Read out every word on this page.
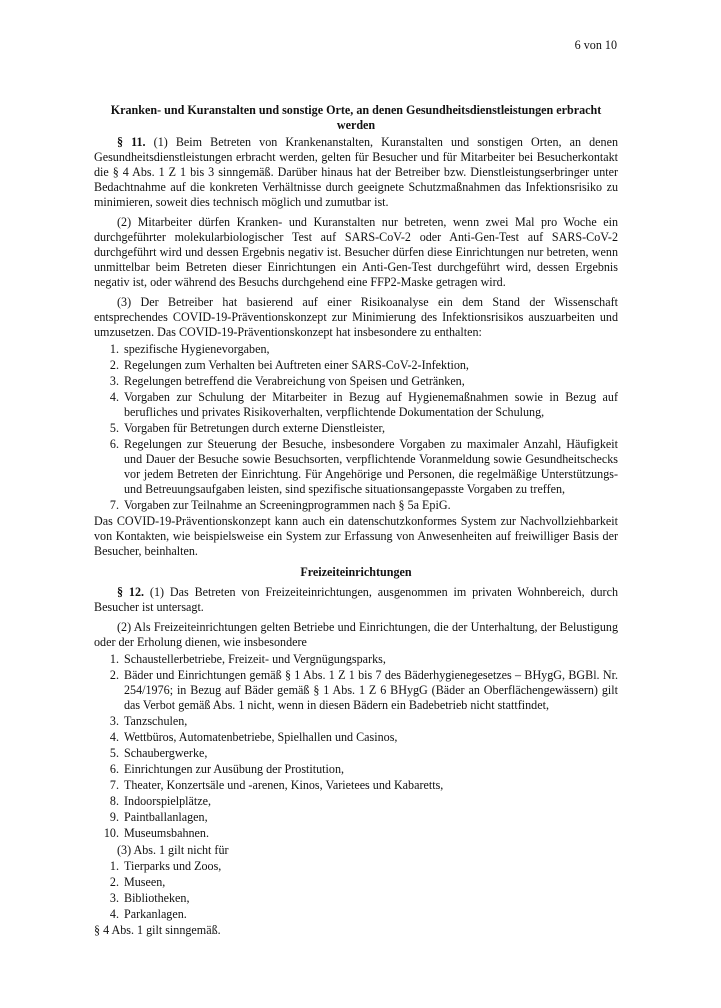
6 von 10
Kranken- und Kuranstalten und sonstige Orte, an denen Gesundheitsdienstleistungen erbracht werden

§ 11. (1) Beim Betreten von Krankenanstalten, Kuranstalten und sonstigen Orten, an denen Gesundheitsdienstleistungen erbracht werden, gelten für Besucher und für Mitarbeiter bei Besucherkontakt die § 4 Abs. 1 Z 1 bis 3 sinngemäß. Darüber hinaus hat der Betreiber bzw. Dienstleistungserbringer unter Bedachtnahme auf die konkreten Verhältnisse durch geeignete Schutzmaßnahmen das Infektionsrisiko zu minimieren, soweit dies technisch möglich und zumutbar ist.

(2) Mitarbeiter dürfen Kranken- und Kuranstalten nur betreten, wenn zwei Mal pro Woche ein durchgeführter molekularbiologischer Test auf SARS-CoV-2 oder Anti-Gen-Test auf SARS-CoV-2 durchgeführt wird und dessen Ergebnis negativ ist. Besucher dürfen diese Einrichtungen nur betreten, wenn unmittelbar beim Betreten dieser Einrichtungen ein Anti-Gen-Test durchgeführt wird, dessen Ergebnis negativ ist, oder während des Besuchs durchgehend eine FFP2-Maske getragen wird.

(3) Der Betreiber hat basierend auf einer Risikoanalyse ein dem Stand der Wissenschaft entsprechendes COVID-19-Präventionskonzept zur Minimierung des Infektionsrisikos auszuarbeiten und umzusetzen. Das COVID-19-Präventionskonzept hat insbesondere zu enthalten:

1. spezifische Hygienevorgaben,
2. Regelungen zum Verhalten bei Auftreten einer SARS-CoV-2-Infektion,
3. Regelungen betreffend die Verabreichung von Speisen und Getränken,
4. Vorgaben zur Schulung der Mitarbeiter in Bezug auf Hygienemaßnahmen sowie in Bezug auf berufliches und privates Risikoverhalten, verpflichtende Dokumentation der Schulung,
5. Vorgaben für Betretungen durch externe Dienstleister,
6. Regelungen zur Steuerung der Besuche, insbesondere Vorgaben zu maximaler Anzahl, Häufigkeit und Dauer der Besuche sowie Besuchsorten, verpflichtende Voranmeldung sowie Gesundheitschecks vor jedem Betreten der Einrichtung. Für Angehörige und Personen, die regelmäßige Unterstützungs- und Betreuungsaufgaben leisten, sind spezifische situationsangepasste Vorgaben zu treffen,
7. Vorgaben zur Teilnahme an Screeningprogrammen nach § 5a EpiG.

Das COVID-19-Präventionskonzept kann auch ein datenschutzkonformes System zur Nachvollziehbarkeit von Kontakten, wie beispielsweise ein System zur Erfassung von Anwesenheiten auf freiwilliger Basis der Besucher, beinhalten.

Freizeiteinrichtungen

§ 12. (1) Das Betreten von Freizeiteinrichtungen, ausgenommen im privaten Wohnbereich, durch Besucher ist untersagt.

(2) Als Freizeiteinrichtungen gelten Betriebe und Einrichtungen, die der Unterhaltung, der Belustigung oder der Erholung dienen, wie insbesondere

1. Schaustellerbetriebe, Freizeit- und Vergnügungsparks,
2. Bäder und Einrichtungen gemäß § 1 Abs. 1 Z 1 bis 7 des Bäderhygienegesetzes – BHygG, BGBl. Nr. 254/1976; in Bezug auf Bäder gemäß § 1 Abs. 1 Z 6 BHygG (Bäder an Oberflächengewässern) gilt das Verbot gemäß Abs. 1 nicht, wenn in diesen Bädern ein Badebetrieb nicht stattfindet,
3. Tanzschulen,
4. Wettbüros, Automatenbetriebe, Spielhallen und Casinos,
5. Schaubergwerke,
6. Einrichtungen zur Ausübung der Prostitution,
7. Theater, Konzertsäle und -arenen, Kinos, Varietees und Kabaretts,
8. Indoorspielplätze,
9. Paintballanlagen,
10. Museumsbahnen.

(3) Abs. 1 gilt nicht für

1. Tierparks und Zoos,
2. Museen,
3. Bibliotheken,
4. Parkanlagen.

§ 4 Abs. 1 gilt sinngemäß.
